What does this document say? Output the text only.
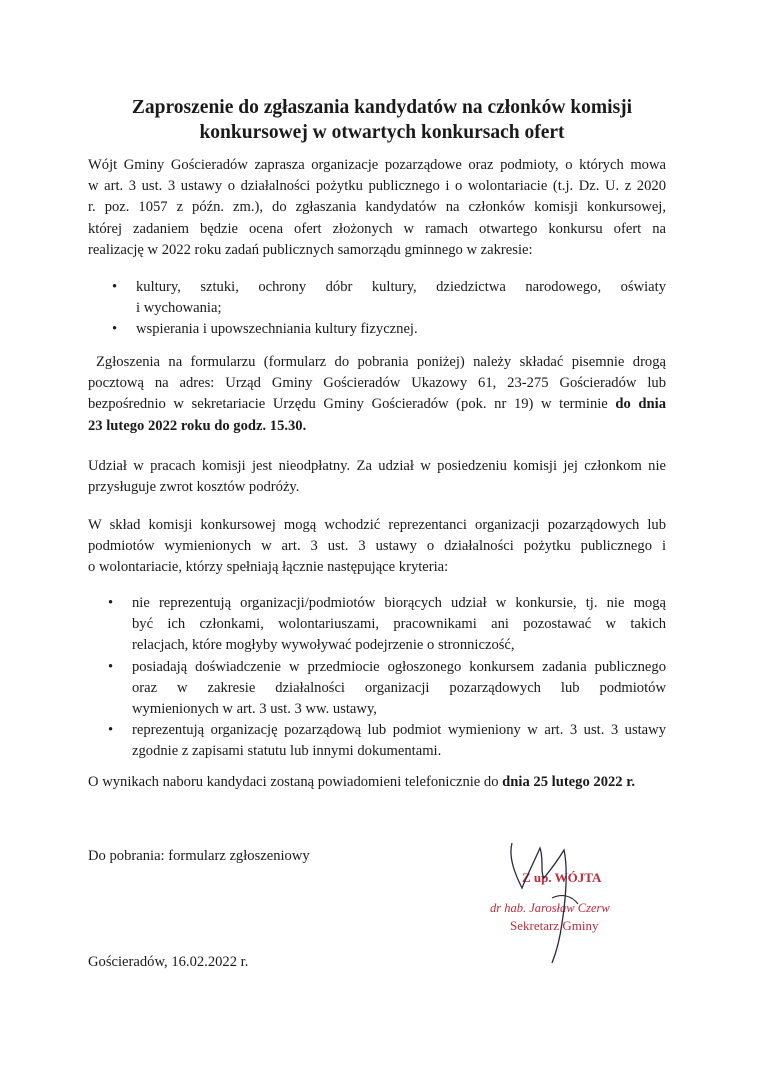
Zaproszenie do zgłaszania kandydatów na członków komisji
konkursowej w otwartych konkursach ofert
Wójt Gminy Gościeradów zaprasza organizacje pozarządowe oraz podmioty, o których mowa
w art. 3 ust. 3 ustawy o działalności pożytku publicznego i o wolontariacie (t.j. Dz. U. z 2020
r. poz. 1057 z późn. zm.), do zgłaszania kandydatów na członków komisji konkursowej,
której zadaniem będzie ocena ofert złożonych w ramach otwartego konkursu ofert na
realizację w 2022 roku zadań publicznych samorządu gminnego w zakresie:
• kultury, sztuki, ochrony dóbr kultury, dziedzictwa narodowego, oświaty
i wychowania;
• wspierania i upowszechniania kultury fizycznej.
Zgłoszenia na formularzu (formularz do pobrania poniżej) należy składać pisemnie drogą
pocztową na adres: Urząd Gminy Gościeradów Ukazowy 61, 23-275 Gościeradów lub
bezpośrednio w sekretariacie Urzędu Gminy Gościeradów (pok. nr 19) w terminie do dnia
23 lutego 2022 roku do godz. 15.30.
Udział w pracach komisji jest nieodpłatny. Za udział w posiedzeniu komisji jej członkom nie
przysługuje zwrot kosztów podróży.
W skład komisji konkursowej mogą wchodzić reprezentanci organizacji pozarządowych lub
podmiotów wymienionych w art. 3 ust. 3 ustawy o działalności pożytku publicznego i
o wolontariacie, którzy spełniają łącznie następujące kryteria:
• nie reprezentują organizacji/podmiotów biorących udział w konkursie, tj. nie mogą
być ich członkami, wolontariuszami, pracownikami ani pozostawać w takich
relacjach, które mogłyby wywoływać podejrzenie o stronniczość,
• posiadają doświadczenie w przedmiocie ogłoszonego konkursem zadania publicznego
oraz w zakresie działalności organizacji pozarządowych lub podmiotów
wymienionych w art. 3 ust. 3 ww. ustawy,
• reprezentują organizację pozarządową lub podmiot wymieniony w art. 3 ust. 3 ustawy
zgodnie z zapisami statutu lub innymi dokumentami.

O wynikach naboru kandydaci zostaną powiadomieni telefonicznie do dnia 25 lutego 2022 r.

Do pobrania: formularz zgłoszeniowy

Z up. WÓJTA
dr hab. Jarosław Czerw
Sekretarz Gminy

Gościeradów, 16.02.2022 r.
